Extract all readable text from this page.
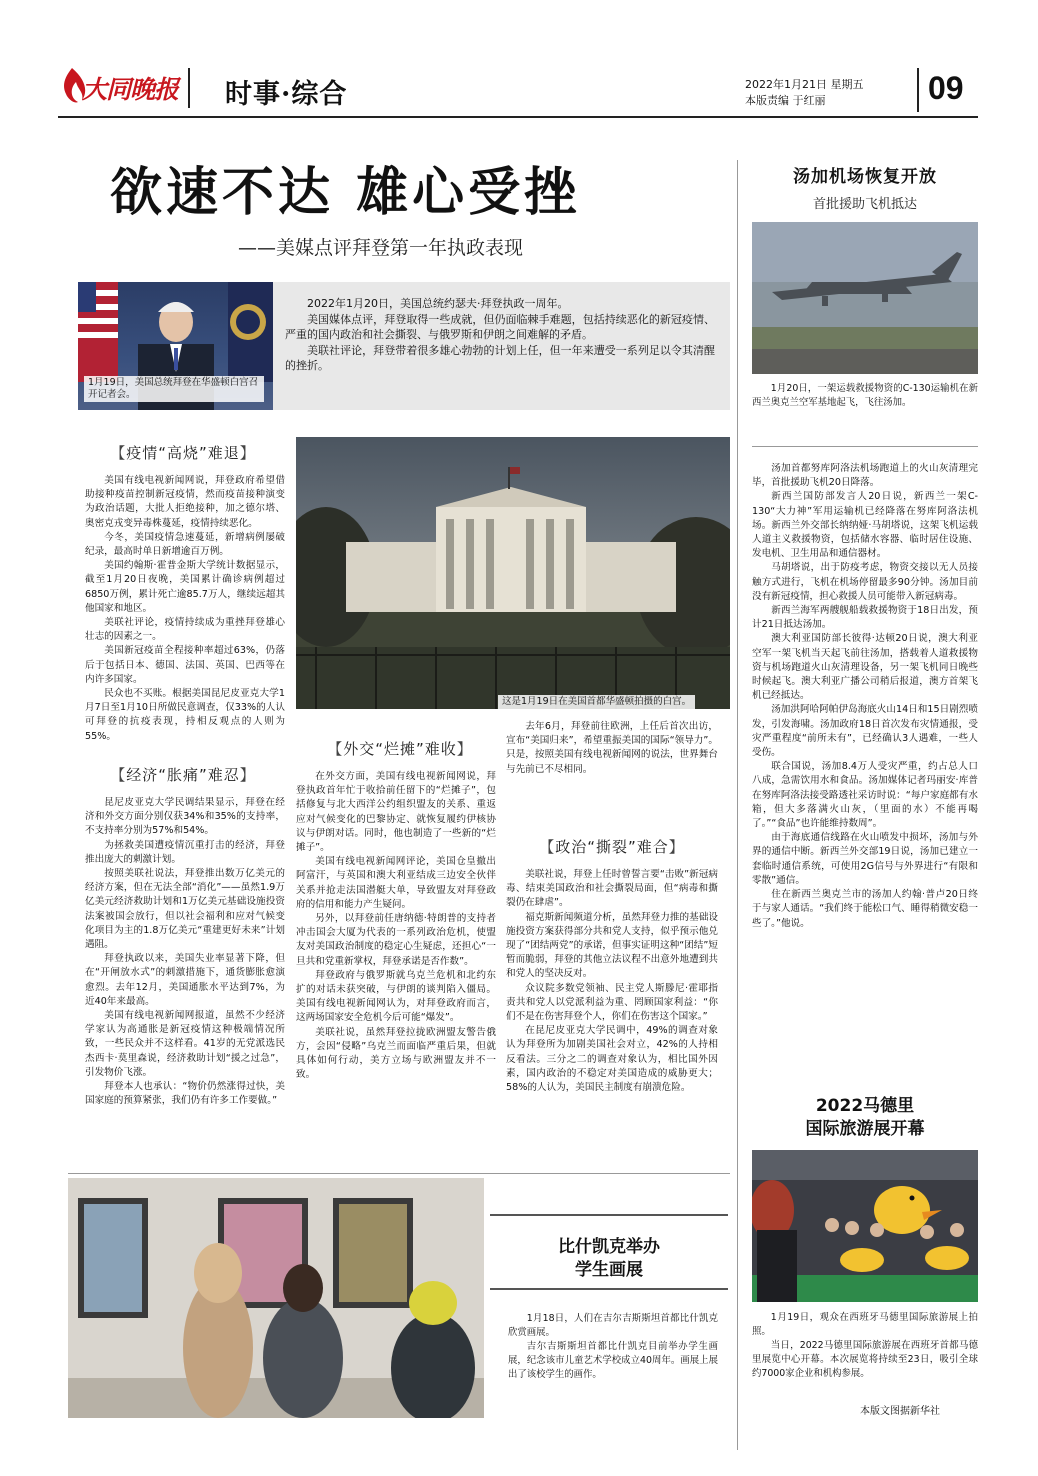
大同晚报 时事·综合	2022年1月21日 星期五
本版责编 于红丽	09
欲速不达 雄心受挫
——美媒点评拜登第一年执政表现
1月19日，美国总统拜登在华盛顿白宫召开记者会。

2022年1月20日，美国总统约瑟夫·拜登执政一周年。

美国媒体点评，拜登取得一些成就，但仍面临棘手难题，包括持续恶化的新冠疫情、严重的国内政治和社会撕裂、与俄罗斯和伊朗之间难解的矛盾。

美联社评论，拜登带着很多雄心勃勃的计划上任，但一年来遭受一系列足以令其清醒的挫折。

这是1月19日在美国首都华盛顿拍摄的白宫。
【疫情“高烧”难退】

美国有线电视新闻网说，拜登政府希望借助接种疫苗控制新冠疫情，然而疫苗接种演变为政治话题，大批人拒绝接种，加之德尔塔、奥密克戎变异毒株蔓延，疫情持续恶化。

今冬，美国疫情急速蔓延，新增病例屡破纪录，最高时单日新增逾百万例。

美国约翰斯·霍普金斯大学统计数据显示，截至1月20日夜晚，美国累计确诊病例超过6850万例，累计死亡逾85.7万人，继续远超其他国家和地区。

美联社评论，疫情持续成为重挫拜登雄心壮志的因素之一。

美国新冠疫苗全程接种率超过63%，仍落后于包括日本、德国、法国、英国、巴西等在内许多国家。

民众也不买账。根据美国昆尼皮亚克大学1月7日至1月10日所做民意调查，仅33%的人认可拜登的抗疫表现，持相反观点的人则为55%。

【经济“胀痛”难忍】

昆尼皮亚克大学民调结果显示，拜登在经济和外交方面分别仅获34%和35%的支持率，不支持率分别为57%和54%。

为拯救美国遭疫情沉重打击的经济，拜登推出庞大的刺激计划。

按照美联社说法，拜登推出数万亿美元的经济方案，但在无法全部“消化”——虽然1.9万亿美元经济救助计划和1万亿美元基础设施投资法案被国会放行，但以社会福利和应对气候变化项目为主的1.8万亿美元“重建更好未来”计划遇阻。

拜登执政以来，美国失业率显著下降，但在“开闸放水式”的刺激措施下，通货膨胀愈演愈烈。去年12月，美国通胀水平达到7%，为近40年来最高。

美国有线电视新闻网报道，虽然不少经济学家认为高通胀是新冠疫情这种极端情况所致，一些民众并不这样看。41岁的无党派选民杰西卡·莫里森说，经济救助计划“援之过急”，引发物价飞涨。

拜登本人也承认：“物价仍然涨得过快，美国家庭的预算紧张，我们仍有许多工作要做。”

【外交“烂摊”难收】

在外交方面，美国有线电视新闻网说，拜登执政首年忙于收拾前任留下的“烂摊子”，包括修复与北大西洋公约组织盟友的关系、重返应对气候变化的巴黎协定、就恢复履约伊核协议与伊朗对话。同时，他也制造了一些新的“烂摊子”。

美国有线电视新闻网评论，美国仓皇撤出阿富汗，与英国和澳大利亚结成三边安全伙伴关系并抢走法国潜艇大单，导致盟友对拜登政府的信用和能力产生疑问。

另外，以拜登前任唐纳德·特朗普的支持者冲击国会大厦为代表的一系列政治危机，使盟友对美国政治制度的稳定心生疑虑，还担心“一旦共和党重新掌权，拜登承诺是否作数”。

拜登政府与俄罗斯就乌克兰危机和北约东扩的对话未获突破，与伊朗的谈判陷入僵局。美国有线电视新闻网认为，对拜登政府而言，这两场国家安全危机今后可能“爆发”。

美联社说，虽然拜登拉拢欧洲盟友警告俄方，会因“侵略”乌克兰而面临严重后果，但就具体如何行动，美方立场与欧洲盟友并不一致。

去年6月，拜登前往欧洲，上任后首次出访，宣布“美国归来”，希望重振美国的国际“领导力”。只是，按照美国有线电视新闻网的说法，世界舞台与先前已不尽相同。

【政治“撕裂”难合】

美联社说，拜登上任时曾誓言要“击败”新冠病毒、结束美国政治和社会撕裂局面，但“病毒和撕裂仍在肆虐”。

福克斯新闻频道分析，虽然拜登力推的基础设施投资方案获得部分共和党人支持，似乎预示他兑现了“团结两党”的承诺，但事实证明这种“团结”短暂而脆弱，拜登的其他立法议程不出意外地遭到共和党人的坚决反对。

众议院多数党领袖、民主党人斯滕尼·霍耶指责共和党人以党派利益为重、罔顾国家利益：“你们不是在伤害拜登个人，你们在伤害这个国家。”

在昆尼皮亚克大学民调中，49%的调查对象认为拜登所为加剧美国社会对立，42%的人持相反看法。三分之二的调查对象认为，相比国外因素，国内政治的不稳定对美国造成的威胁更大；58%的人认为，美国民主制度有崩溃危险。

汤加机场恢复开放
首批援助飞机抵达

1月20日，一架运载救援物资的C-130运输机在新西兰奥克兰空军基地起飞，飞往汤加。

汤加首都努库阿洛法机场跑道上的火山灰清理完毕，首批援助飞机20日降落。

新西兰国防部发言人20日说，新西兰一架C-130“大力神”军用运输机已经降落在努库阿洛法机场。新西兰外交部长纳纳娅·马胡塔说，这架飞机运载人道主义救援物资，包括储水容器、临时居住设施、发电机、卫生用品和通信器材。

马胡塔说，出于防疫考虑，物资交接以无人员接触方式进行，飞机在机场停留最多90分钟。汤加目前没有新冠疫情，担心救援人员可能带入新冠病毒。

新西兰海军两艘舰船载救援物资于18日出发，预计21日抵达汤加。

澳大利亚国防部长彼得·达顿20日说，澳大利亚空军一架飞机当天起飞前往汤加，搭载着人道救援物资与机场跑道火山灰清理设备，另一架飞机同日晚些时候起飞。澳大利亚广播公司稍后报道，澳方首架飞机已经抵达。

汤加洪阿哈阿帕伊岛海底火山14日和15日剧烈喷发，引发海啸。汤加政府18日首次发布灾情通报，受灾严重程度“前所未有”，已经确认3人遇难，一些人受伤。

联合国说，汤加8.4万人受灾严重，约占总人口八成，急需饮用水和食品。汤加媒体记者玛丽安·库普在努库阿洛法接受路透社采访时说：“每户家庭都有水箱，但大多落满火山灰，（里面的水）不能再喝了。”“食品”也许能维持数周”。

由于海底通信线路在火山喷发中损坏，汤加与外界的通信中断。新西兰外交部19日说，汤加已建立一套临时通信系统，可使用2G信号与外界进行“有限和零散”通信。

住在新西兰奥克兰市的汤加人约翰·普卢20日终于与家人通话。“我们终于能松口气、睡得稍微安稳一些了。”他说。

2022马德里
国际旅游展开幕

1月19日，观众在西班牙马德里国际旅游展上拍照。

当日，2022马德里国际旅游展在西班牙首都马德里展览中心开幕。本次展览将持续至23日，吸引全球约7000家企业和机构参展。

本版文图据新华社
比什凯克举办
学生画展

1月18日，人们在吉尔吉斯斯坦首都比什凯克欣赏画展。

吉尔吉斯斯坦首都比什凯克目前举办学生画展，纪念该市儿童艺术学校成立40周年。画展上展出了该校学生的画作。
